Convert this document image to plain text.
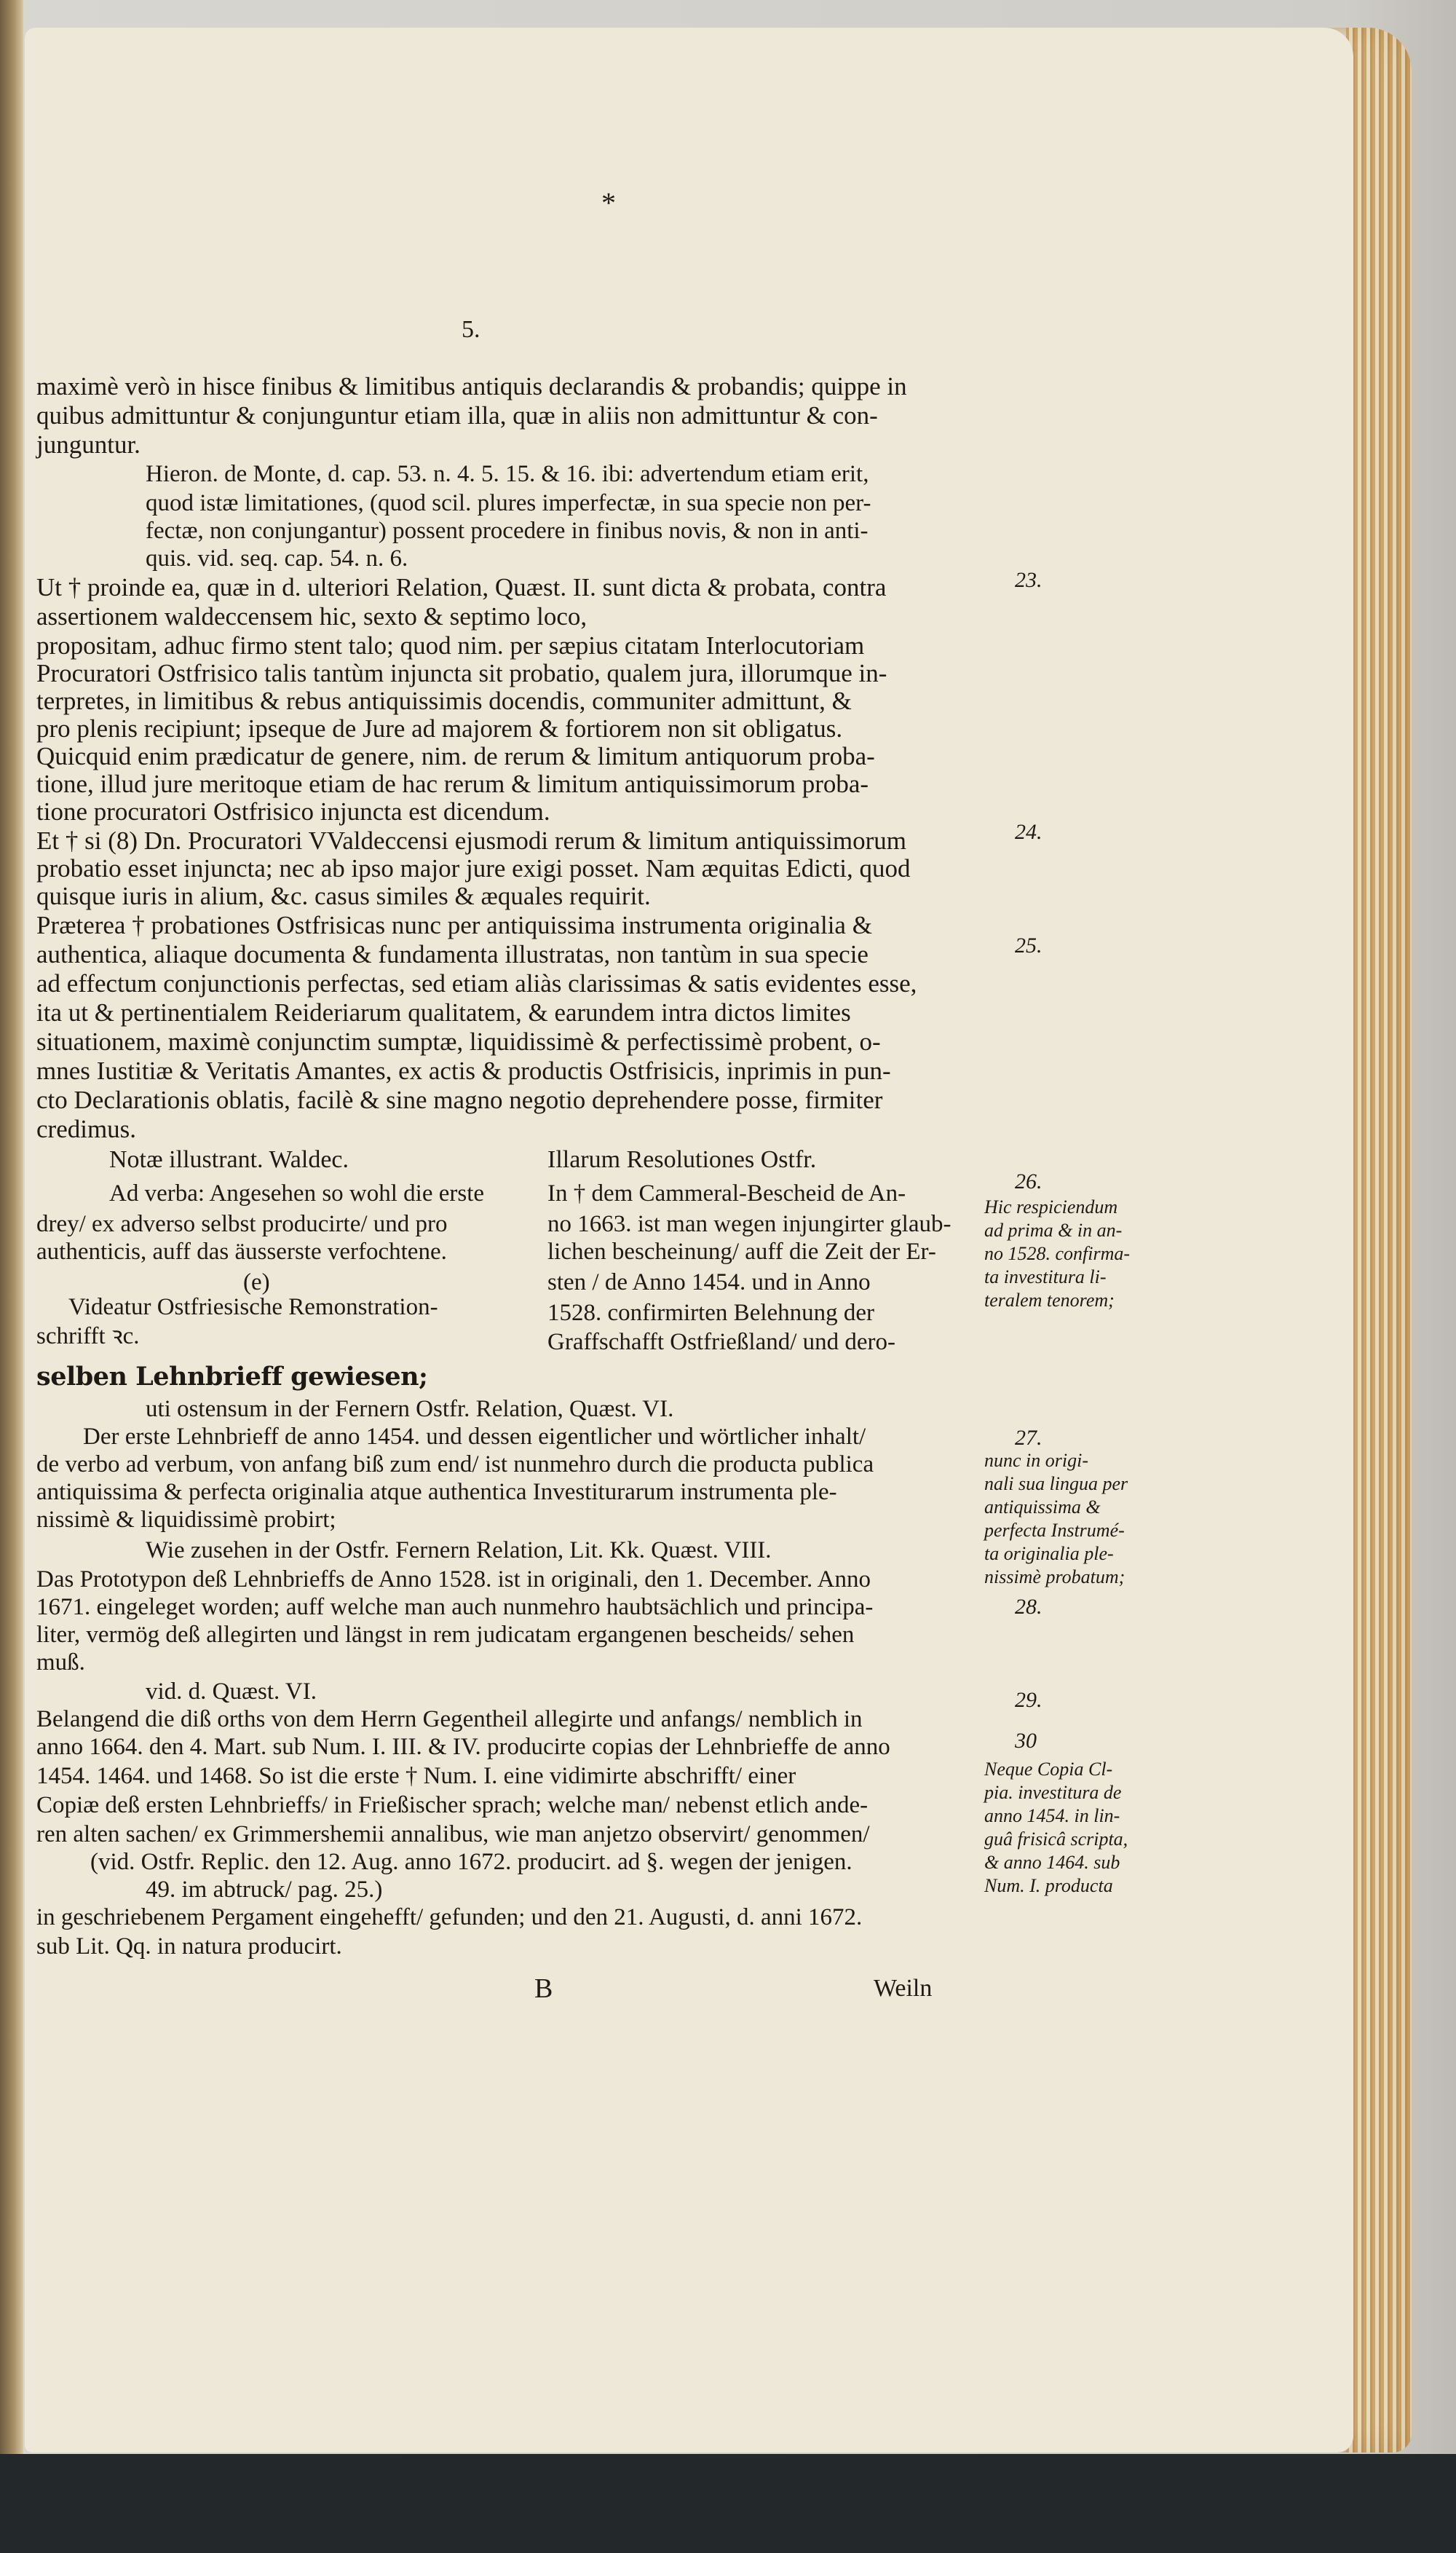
*
5.
maximè verò in hisce finibus & limitibus antiquis declarandis & probandis; quippe in
quibus admittuntur & conjunguntur etiam illa, quæ in aliis non admittuntur & con-
junguntur.
Hieron. de Monte, d. cap. 53. n. 4. 5. 15. & 16. ibi: advertendum etiam erit,
quod istæ limitationes, (quod scil. plures imperfectæ, in sua specie non per-
fectæ, non conjungantur) possent procedere in finibus novis, & non in anti-
quis. vid. seq. cap. 54. n. 6.
Ut † proinde ea, quæ in d. ulteriori Relation, Quæst. II. sunt dicta & probata, contra
assertionem waldeccensem hic, sexto & septimo loco,
propositam, adhuc firmo stent talo; quod nim. per sæpius citatam Interlocutoriam
Procuratori Ostfrisico talis tantùm injuncta sit probatio, qualem jura, illorumque in-
terpretes, in limitibus & rebus antiquissimis docendis, communiter admittunt, &
pro plenis recipiunt; ipseque de Jure ad majorem & fortiorem non sit obligatus.
Quicquid enim prædicatur de genere, nim. de rerum & limitum antiquorum proba-
tione, illud jure meritoque etiam de hac rerum & limitum antiquissimorum proba-
tione procuratori Ostfrisico injuncta est dicendum.
Et † si (8) Dn. Procuratori VValdeccensi ejusmodi rerum & limitum antiquissimorum
probatio esset injuncta; nec ab ipso major jure exigi posset. Nam æquitas Edicti, quod
quisque iuris in alium, &c. casus similes & æquales requirit.
Præterea † probationes Ostfrisicas nunc per antiquissima instrumenta originalia &
authentica, aliaque documenta & fundamenta illustratas, non tantùm in sua specie
ad effectum conjunctionis perfectas, sed etiam aliàs clarissimas & satis evidentes esse,
ita ut & pertinentialem Reideriarum qualitatem, & earundem intra dictos limites
situationem, maximè conjunctim sumptæ, liquidissimè & perfectissimè probent, o-
mnes Iustitiæ & Veritatis Amantes, ex actis & productis Ostfrisicis, inprimis in pun-
cto Declarationis oblatis, facilè & sine magno negotio deprehendere posse, firmiter
credimus.
Notæ illustrant. Waldec.	Illarum Resolutiones Ostfr.
Ad verba: Angesehen so wohl die erste
drey/ ex adverso selbst producirte/ und pro
authenticis, auff das äusserste verfochtene.
(e)
Videatur Ostfriesische Remonstration-
schrifft ꝛc.
In † dem Cammeral-Bescheid de An-
no 1663. ist man wegen injungirter glaub-
lichen bescheinung/ auff die Zeit der Er-
sten / de Anno 1454. und in Anno
1528. confirmirten Belehnung der
Graffschafft Ostfrießland/ und dero-
selben Lehnbrieff gewiesen;
uti ostensum in der Fernern Ostfr. Relation, Quæst. VI.
Der erste Lehnbrieff de anno 1454. und dessen eigentlicher und wörtlicher inhalt/
de verbo ad verbum, von anfang biß zum end/ ist nunmehro durch die producta publica
antiquissima & perfecta originalia atque authentica Investiturarum instrumenta ple-
nissimè & liquidissimè probirt;
Wie zusehen in der Ostfr. Fernern Relation, Lit. Kk. Quæst. VIII.
Das Prototypon deß Lehnbrieffs de Anno 1528. ist in originali, den 1. December. Anno
1671. eingeleget worden; auff welche man auch nunmehro haubtsächlich und principa-
liter, vermög deß allegirten und längst in rem judicatam ergangenen bescheids/ sehen
muß.
vid. d. Quæst. VI.
Belangend die diß orths von dem Herrn Gegentheil allegirte und anfangs/ nemblich in
anno 1664. den 4. Mart. sub Num. I. III. & IV. producirte copias der Lehnbrieffe de anno
1454. 1464. und 1468. So ist die erste † Num. I. eine vidimirte abschrifft/ einer
Copiæ deß ersten Lehnbrieffs/ in Frießischer sprach; welche man/ nebenst etlich ande-
ren alten sachen/ ex Grimmershemii annalibus, wie man anjetzo observirt/ genommen/
(vid. Ostfr. Replic. den 12. Aug. anno 1672. producirt. ad §. wegen der jenigen.
49. im abtruck/ pag. 25.)
in geschriebenem Pergament eingehefft/ gefunden; und den 21. Augusti, d. anni 1672.
sub Lit. Qq. in natura producirt.
B	Weiln
23.
24.
25.
26.
27.
28.
29.
30
Hic respiciendum
ad prima & in an-
no 1528. confirma-
ta investitura li-
teralem tenorem;
nunc in origi-
nali sua lingua per
antiquissima &
perfecta Instrumé-
ta originalia ple-
nissimè probatum;
Neque Copia Cl-
pia. investitura de
anno 1454. in lin-
guâ frisicâ scripta,
& anno 1464. sub
Num. I. producta
